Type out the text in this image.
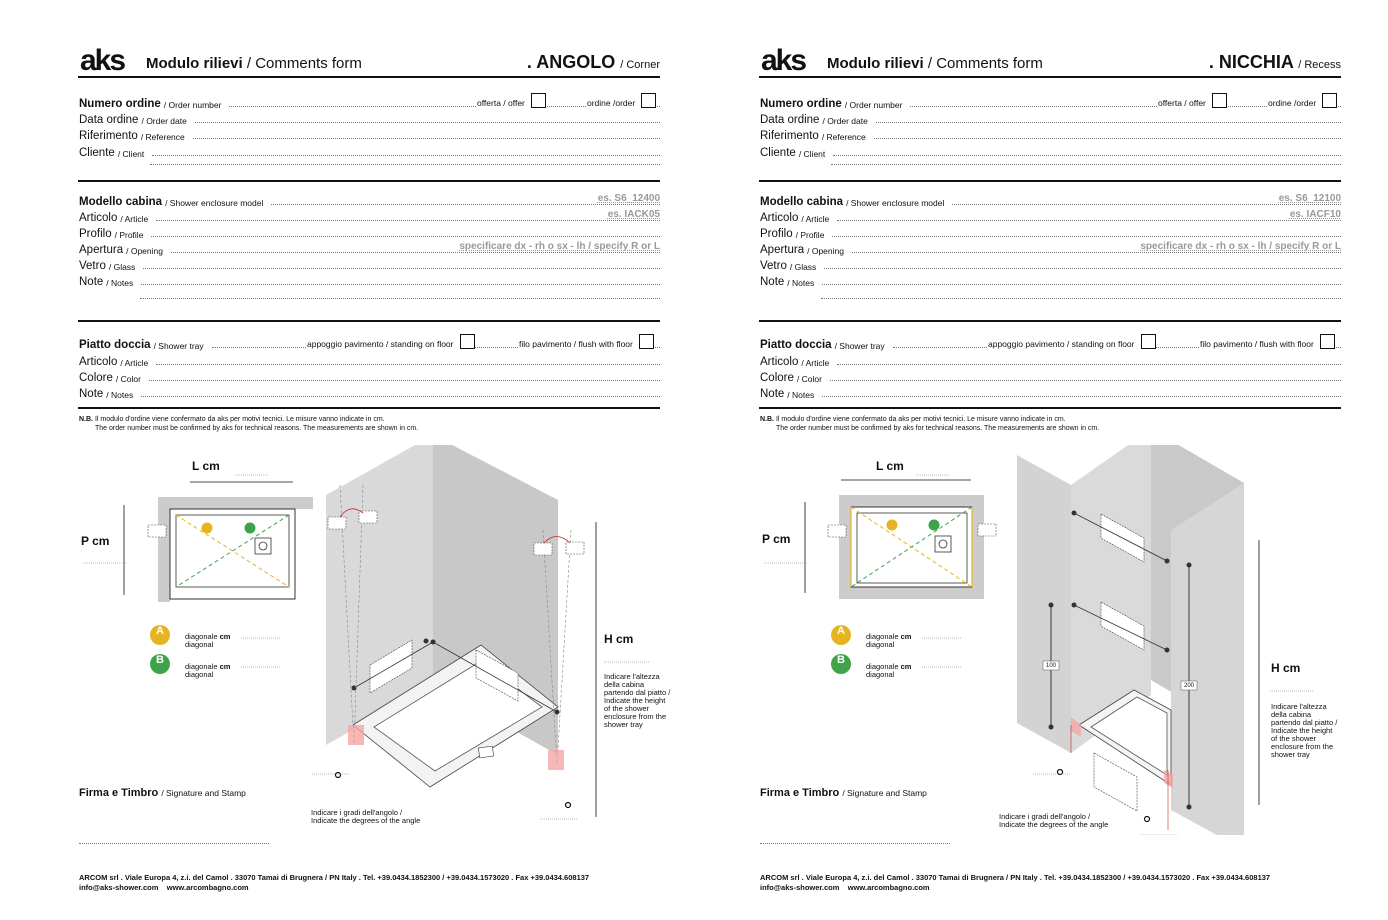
aks Modulo rilievi / Comments form	. ANGOLO / Corner
Numero ordine / Order number	offerta / offer	ordine /order
Data ordine / Order date
Riferimento / Reference
Cliente / Client
Modello cabina / Shower enclosure model	es. S6_12400
Articolo / Article	es. IACK05
Profilo / Profile
Apertura / Opening	specificare dx - rh o sx - lh / specify R or L
Vetro / Glass
Note / Notes
Piatto doccia / Shower tray	appoggio pavimento / standing on floor	filo pavimento / flush with floor
Articolo / Article
Colore / Color
Note / Notes
N.B. Il modulo d'ordine viene confermato da aks per motivi tecnici. Le misure vanno indicate in cm.
The order number must be confirmed by aks for technical reasons. The measurements are shown in cm.
L cm
P cm
H cm
A
B
diagonale cm
diagonal
diagonale cm
diagonal	Indicare l'altezza
della cabina
partendo dal piatto /
Indicate the height
of the shower
enclosure from the
shower tray
Indicare i gradi dell'angolo /
Indicate the degrees of the angle
Firma e Timbro / Signature and Stamp
ARCOM srl . Viale Europa 4, z.i. del Camol . 33070 Tamai di Brugnera / PN Italy . Tel. +39.0434.1852300 / +39.0434.1573020 . Fax +39.0434.608137
info@aks-shower.com www.arcombagno.com
aks Modulo rilievi / Comments form	. NICCHIA / Recess
Numero ordine / Order number	offerta / offer	ordine /order
Data ordine / Order date
Riferimento / Reference
Cliente / Client
Modello cabina / Shower enclosure model	es. S6_12100
Articolo / Article	es. IACF10
Profilo / Profile
Apertura / Opening	specificare dx - rh o sx - lh / specify R or L
Vetro / Glass
Note / Notes
Piatto doccia / Shower tray	appoggio pavimento / standing on floor	filo pavimento / flush with floor
Articolo / Article
Colore / Color
Note / Notes
N.B. Il modulo d'ordine viene confermato da aks per motivi tecnici. Le misure vanno indicate in cm.
The order number must be confirmed by aks for technical reasons. The measurements are shown in cm.
L cm
P cm
H cm
A
B
diagonale cm
diagonal
diagonale cm
diagonal
100
200
Indicare l'altezza
della cabina
partendo dal piatto /
Indicate the height
of the shower
enclosure from the
shower tray
Indicare i gradi dell'angolo /
Indicate the degrees of the angle
Firma e Timbro / Signature and Stamp
ARCOM srl . Viale Europa 4, z.i. del Camol . 33070 Tamai di Brugnera / PN Italy . Tel. +39.0434.1852300 / +39.0434.1573020 . Fax +39.0434.608137
info@aks-shower.com www.arcombagno.com
